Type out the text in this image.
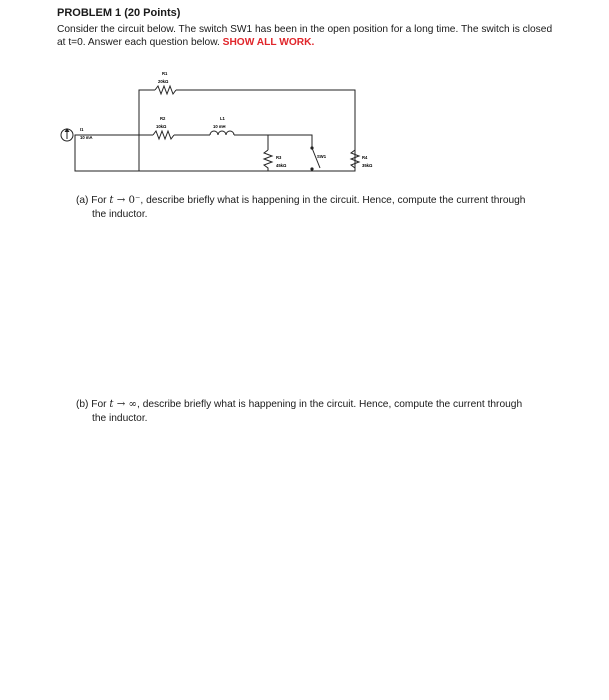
PROBLEM 1 (20 Points)
Consider the circuit below. The switch SW1 has been in the open position for a long time. The switch is closed at t=0. Answer each question below. SHOW ALL WORK.
I1
10 mA
R1
20kΩ
R2
10kΩ
L1
10 mH
R3
45kΩ
SW1	R4
35kΩ
(a) For t → 0⁻, describe briefly what is happening in the circuit. Hence, compute the current through
the inductor.
(b) For t → ∞, describe briefly what is happening in the circuit. Hence, compute the current through
the inductor.
